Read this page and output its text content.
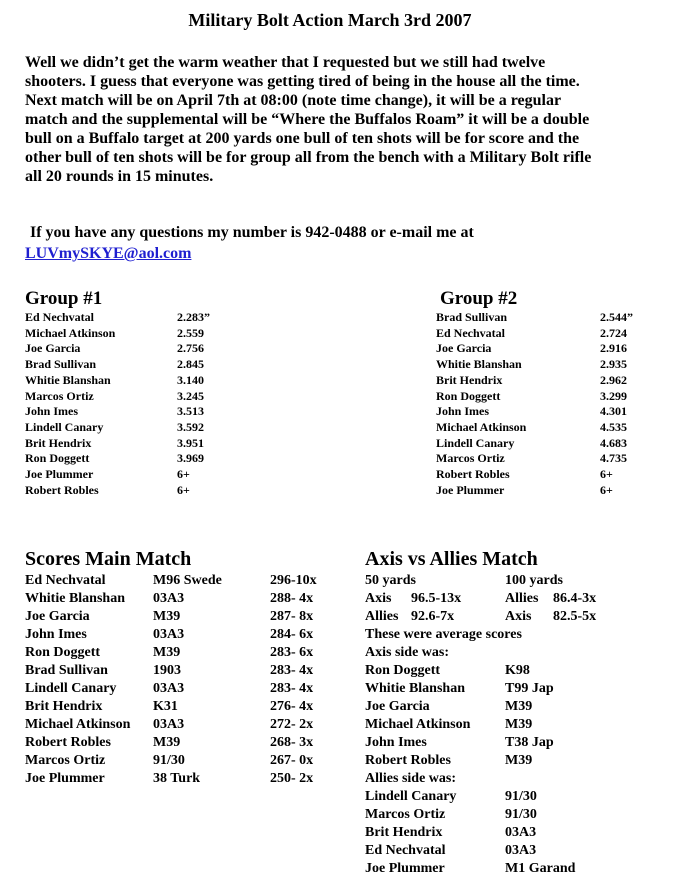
Military Bolt Action March 3rd 2007
Well we didn’t get the warm weather that I requested but we still had twelve
shooters. I guess that everyone was getting tired of being in the house all the time.
Next match will be on April 7th at 08:00 (note time change), it will be a regular
match and the supplemental will be “Where the Buffalos Roam” it will be a double
bull on a Buffalo target at 200 yards one bull of ten shots will be for score and the
other bull of ten shots will be for group all from the bench with a Military Bolt rifle
all 20 rounds in 15 minutes.
If you have any questions my number is 942-0488 or e-mail me at
LUVmySKYE@aol.com
Group #1
Ed Nechvatal	2.283”
Michael Atkinson	2.559
Joe Garcia	2.756
Brad Sullivan	2.845
Whitie Blanshan	3.140
Marcos Ortiz	3.245
John Imes	3.513
Lindell Canary	3.592
Brit Hendrix	3.951
Ron Doggett	3.969
Joe Plummer	6+
Robert Robles	6+
Group #2
Brad Sullivan	2.544”
Ed Nechvatal	2.724
Joe Garcia	2.916
Whitie Blanshan	2.935
Brit Hendrix	2.962
Ron Doggett	3.299
John Imes	4.301
Michael Atkinson	4.535
Lindell Canary	4.683
Marcos Ortiz	4.735
Robert Robles	6+
Joe Plummer	6+
Scores Main Match
Ed Nechvatal	M96 Swede	296-10x
Whitie Blanshan 03A3	288- 4x
Joe Garcia	M39	287- 8x
John Imes	03A3	284- 6x
Ron Doggett	M39	283- 6x
Brad Sullivan	1903	283- 4x
Lindell Canary	03A3	283- 4x
Brit Hendrix	K31	276- 4x
Michael Atkinson 03A3	272- 2x
Robert Robles	M39	268- 3x
Marcos Ortiz	91/30	267- 0x
Joe Plummer	38 Turk	250- 2x
Axis vs Allies Match
50 yards	100 yards
Axis 96.5-13x	Allies 86.4-3x
Allies 92.6-7x	Axis 82.5-5x
These were average scores
Axis side was:
Ron Doggett	K98
Whitie Blanshan	T99 Jap
Joe Garcia	M39
Michael Atkinson M39
John Imes	T38 Jap
Robert Robles	M39
Allies side was:
Lindell Canary	91/30
Marcos Ortiz	91/30
Brit Hendrix	03A3
Ed Nechvatal	03A3
Joe Plummer	M1 Garand
